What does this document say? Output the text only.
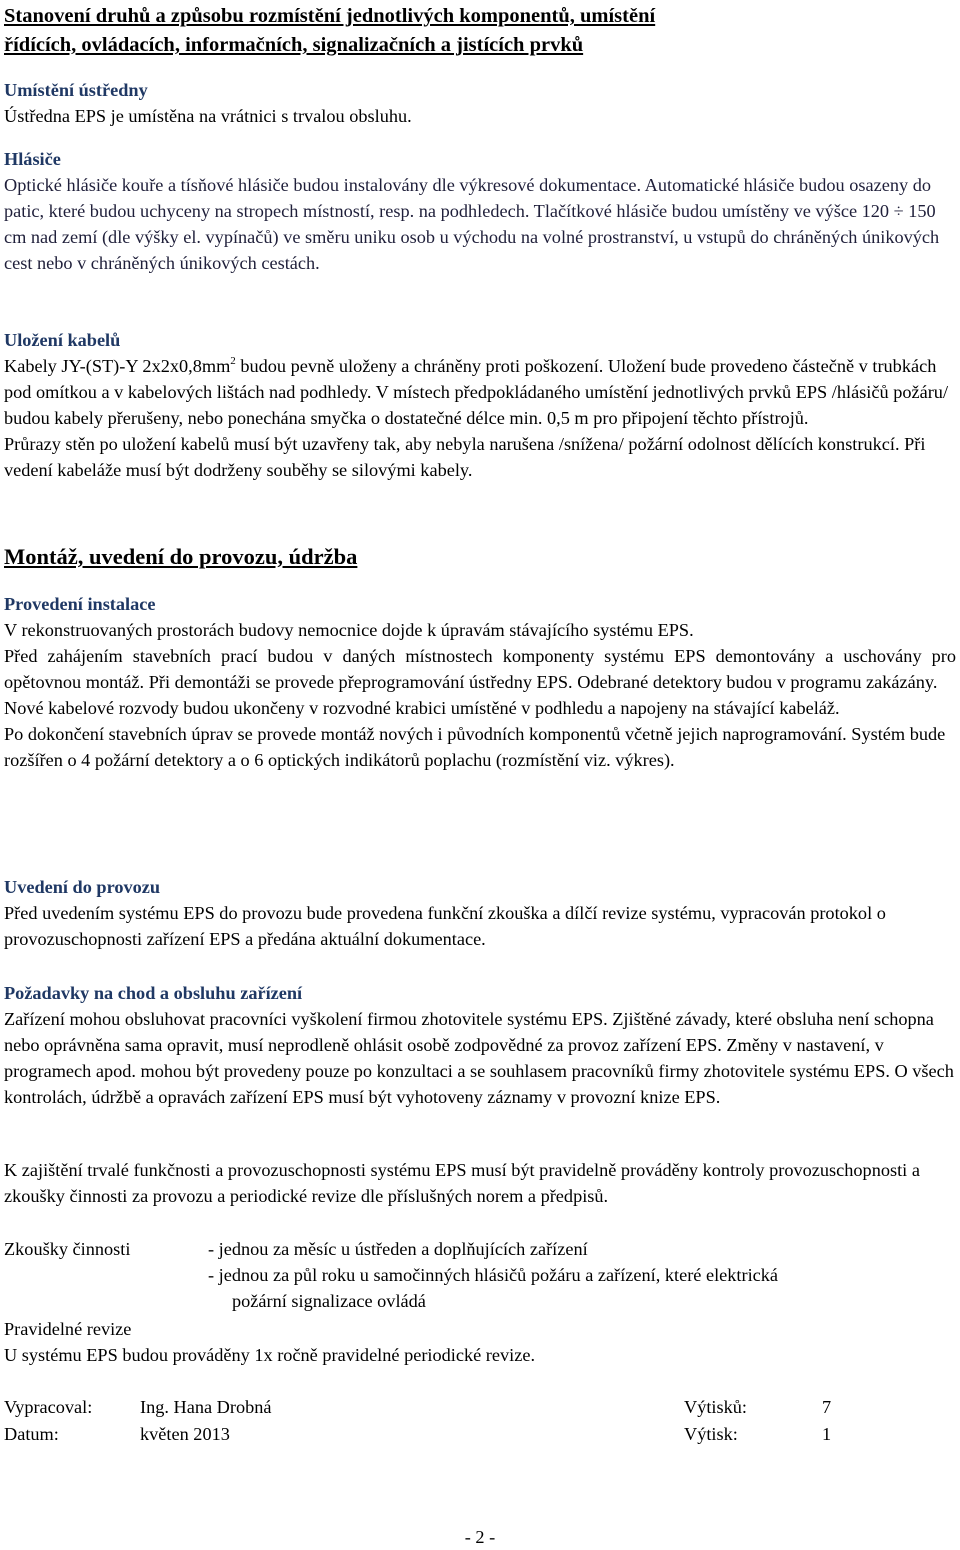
Stanovení druhů a způsobu rozmístění jednotlivých komponentů, umístění
řídících, ovládacích, informačních, signalizačních a jistících prvků
Umístění ústředny
Ústředna EPS je umístěna na vrátnici s trvalou obsluhu.
Hlásiče
Optické hlásiče kouře a tísňové hlásiče budou instalovány dle výkresové dokumentace. Automatické hlásiče budou osazeny do patic, které budou uchyceny na stropech místností, resp. na podhledech. Tlačítkové hlásiče budou umístěny ve výšce 120 ÷ 150 cm nad zemí (dle výšky el. vypínačů) ve směru uniku osob u východu na volné prostranství, u vstupů do chráněných únikových cest nebo v chráněných únikových cestách.
Uložení kabelů
Kabely JY-(ST)-Y $2x2x0,8mm^2$ budou pevně uloženy a chráněny proti poškození. Uložení bude provedeno částečně v trubkách pod omítkou a v kabelových lištách nad podhledy. V místech předpokládaného umístění jednotlivých prvků EPS /hlásičů požáru/ budou kabely přerušeny, nebo ponechána smyčka o dostatečné délce min. 0,5 m pro připojení těchto přístrojů.
Průrazy stěn po uložení kabelů musí být uzavřeny tak, aby nebyla narušena /snížena/ požární odolnost dělících konstrukcí. Při vedení kabeláže musí být dodrženy souběhy se silovými kabely.
Montáž, uvedení do provozu, údržba
Provedení instalace
V rekonstruovaných prostorách budovy nemocnice dojde k úpravám stávajícího systému EPS.
Před zahájením stavebních prací budou v daných místnostech komponenty systému EPS demontovány a uschovány pro opětovnou montáž. Při demontáži se provede přeprogramování ústředny EPS. Odebrané detektory budou v programu zakázány.
Nové kabelové rozvody budou ukončeny v rozvodné krabici umístěné v podhledu a napojeny na stávající kabeláž.
Po dokončení stavebních úprav se provede montáž nových i původních komponentů včetně jejich naprogramování. Systém bude rozšířen o 4 požární detektory a o 6 optických indikátorů poplachu (rozmístění viz. výkres).
Uvedení do provozu
Před uvedením systému EPS do provozu bude provedena funkční zkouška a dílčí revize systému, vypracován protokol o provozuschopnosti zařízení EPS a předána aktuální dokumentace.
Požadavky na chod a obsluhu zařízení
Zařízení mohou obsluhovat pracovníci vyškolení firmou zhotovitele systému EPS. Zjištěné závady, které obsluha není schopna nebo oprávněna sama opravit, musí neprodleně ohlásit osobě zodpovědné za provoz zařízení EPS. Změny v nastavení, v programech apod. mohou být provedeny pouze po konzultaci a se souhlasem pracovníků firmy zhotovitele systému EPS. O všech kontrolách, údržbě a opravách zařízení EPS musí být vyhotoveny záznamy v provozní knize EPS.
K zajištění trvalé funkčnosti a provozuschopnosti systému EPS musí být pravidelně prováděny kontroly provozuschopnosti a zkoušky činnosti za provozu a periodické revize dle příslušných norem a předpisů.
Zkoušky činnosti	- jednou za měsíc u ústředen a doplňujících zařízení
- jednou za půl roku u samočinných hlásičů požáru a zařízení, které elektrická
požární signalizace ovládá
Pravidelné revize
U systému EPS budou prováděny 1x ročně pravidelné periodické revize.
Vypracoval:	Ing. Hana Drobná	Výtisků:	7
Datum:	květen 2013	Výtisk:	1
- 2 -
